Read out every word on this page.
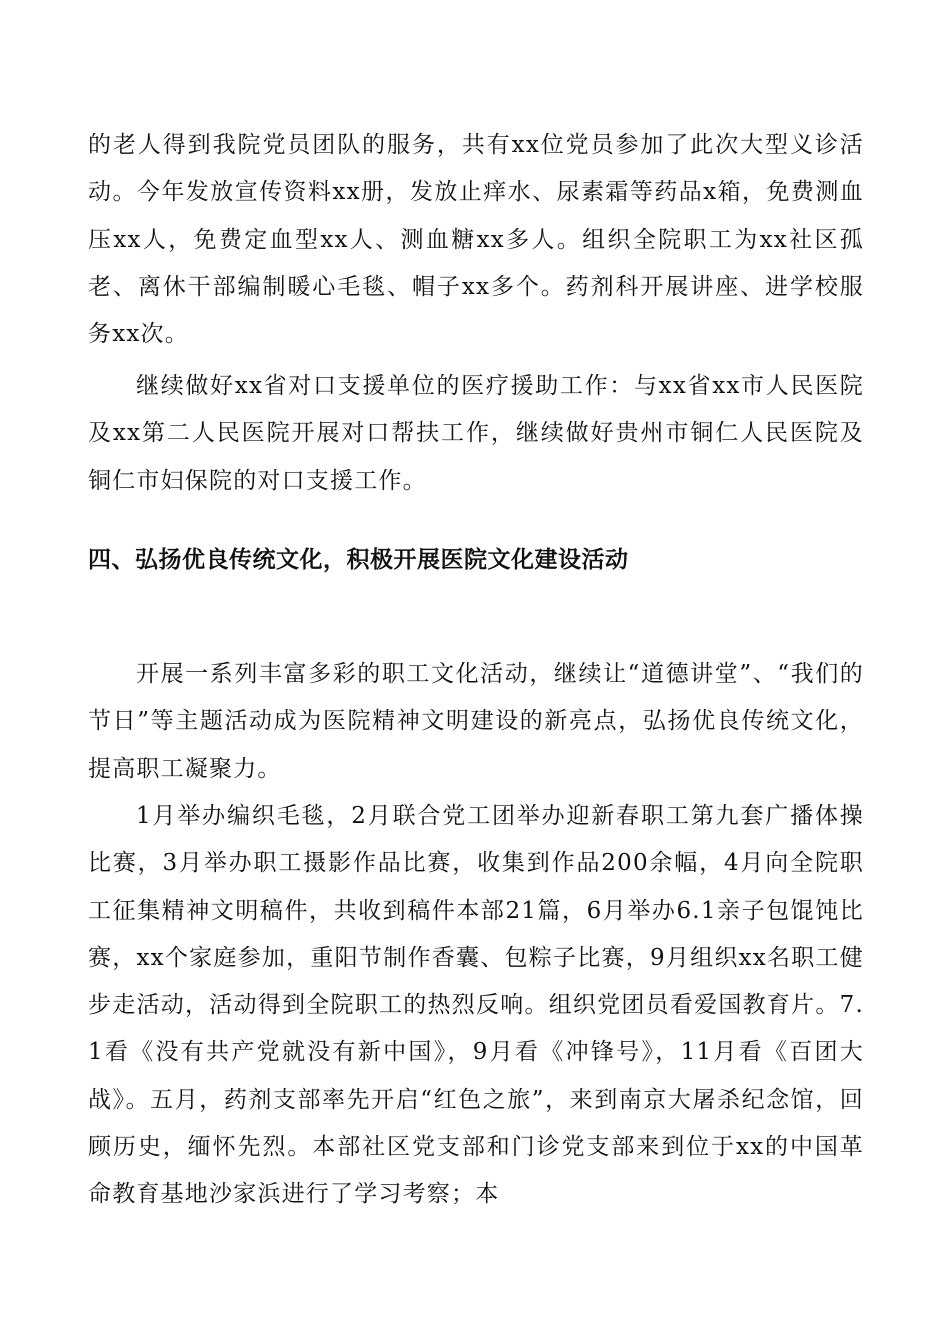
的老人得到我院党员团队的服务，共有xx位党员参加了此次大型义诊活动。今年发放宣传资料xx册，发放止痒水、尿素霜等药品x箱，免费测血压xx人，免费定血型xx人、测血糖xx多人。组织全院职工为xx社区孤老、离休干部编制暖心毛毯、帽子xx多个。药剂科开展讲座、进学校服务xx次。

继续做好xx省对口支援单位的医疗援助工作：与xx省xx市人民医院及xx第二人民医院开展对口帮扶工作，继续做好贵州市铜仁人民医院及铜仁市妇保院的对口支援工作。

四、弘扬优良传统文化，积极开展医院文化建设活动

开展一系列丰富多彩的职工文化活动，继续让“道德讲堂”、“我们的节日”等主题活动成为医院精神文明建设的新亮点，弘扬优良传统文化，提高职工凝聚力。

1月举办编织毛毯，2月联合党工团举办迎新春职工第九套广播体操比赛，3月举办职工摄影作品比赛，收集到作品200余幅，4月向全院职工征集精神文明稿件，共收到稿件本部21篇，6月举办6.1亲子包馄饨比赛，xx个家庭参加，重阳节制作香囊、包粽子比赛，9月组织xx名职工健步走活动，活动得到全院职工的热烈反响。组织党团员看爱国教育片。7.1看《没有共产党就没有新中国》，9月看《冲锋号》，11月看《百团大战》。五月，药剂支部率先开启“红色之旅”，来到南京大屠杀纪念馆，回顾历史，缅怀先烈。本部社区党支部和门诊党支部来到位于xx的中国革命教育基地沙家浜进行了学习考察；本
